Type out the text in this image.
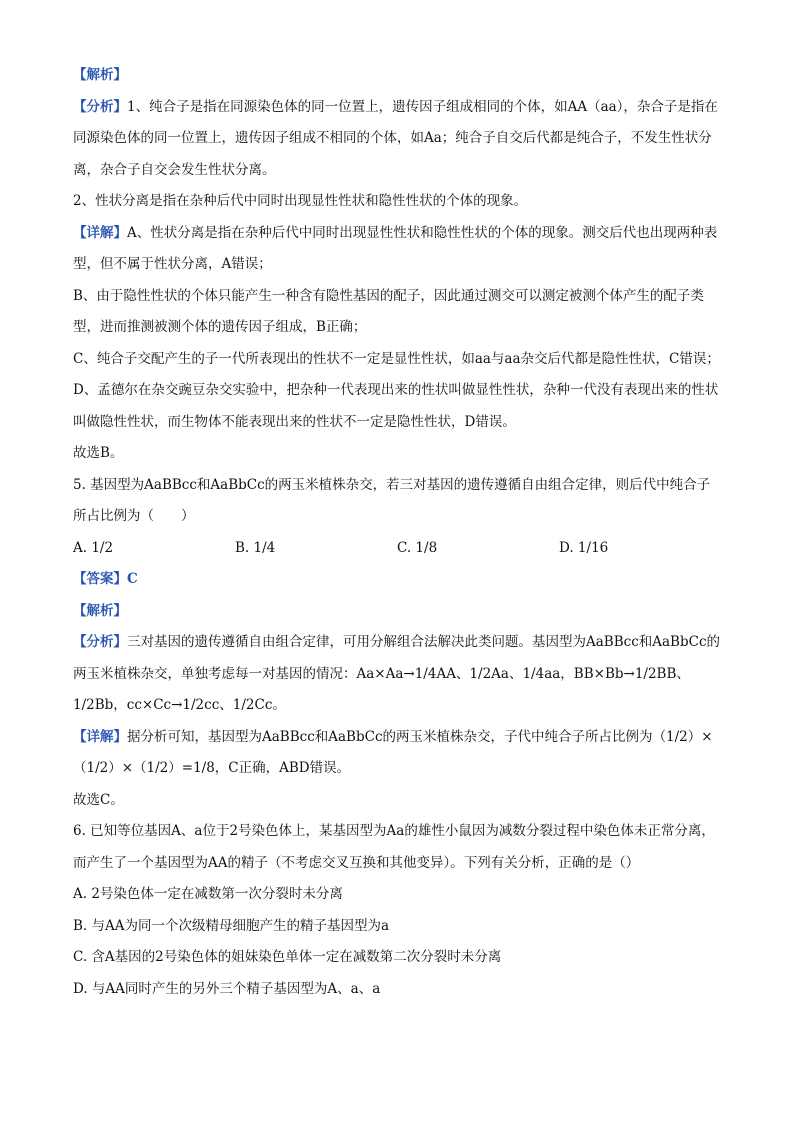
【解析】

【分析】1、纯合子是指在同源染色体的同一位置上，遗传因子组成相同的个体，如AA（aa），杂合子是指在同源染色体的同一位置上，遗传因子组成不相同的个体，如Aa；纯合子自交后代都是纯合子，不发生性状分离，杂合子自交会发生性状分离。

2、性状分离是指在杂种后代中同时出现显性性状和隐性性状的个体的现象。

【详解】A、性状分离是指在杂种后代中同时出现显性性状和隐性性状的个体的现象。测交后代也出现两种表型，但不属于性状分离，A错误；

B、由于隐性性状的个体只能产生一种含有隐性基因的配子，因此通过测交可以测定被测个体产生的配子类型，进而推测被测个体的遗传因子组成，B正确；

C、纯合子交配产生的子一代所表现出的性状不一定是显性性状，如aa与aa杂交后代都是隐性性状，C错误；

D、孟德尔在杂交豌豆杂交实验中，把杂种一代表现出来的性状叫做显性性状，杂种一代没有表现出来的性状叫做隐性性状，而生物体不能表现出来的性状不一定是隐性性状，D错误。

故选B。

5. 基因型为AaBBcc和AaBbCc的两玉米植株杂交，若三对基因的遗传遵循自由组合定律，则后代中纯合子所占比例为（　　）

A. 1/2	B. 1/4	C. 1/8	D. 1/16

【答案】C

【解析】

【分析】三对基因的遗传遵循自由组合定律，可用分解组合法解决此类问题。基因型为AaBBcc和AaBbCc的两玉米植株杂交，单独考虑每一对基因的情况：Aa×Aa→1/4AA、1/2Aa、1/4aa，BB×Bb→1/2BB、1/2Bb，cc×Cc→1/2cc、1/2Cc。

【详解】据分析可知，基因型为AaBBcc和AaBbCc的两玉米植株杂交，子代中纯合子所占比例为（1/2）×（1/2）×（1/2）=1/8，C正确，ABD错误。

故选C。

6. 已知等位基因A、a位于2号染色体上，某基因型为Aa的雄性小鼠因为减数分裂过程中染色体未正常分离，而产生了一个基因型为AA的精子（不考虑交叉互换和其他变异）。下列有关分析，正确的是（）

A. 2号染色体一定在减数第一次分裂时未分离

B. 与AA为同一个次级精母细胞产生的精子基因型为a

C. 含A基因的2号染色体的姐妹染色单体一定在减数第二次分裂时未分离

D. 与AA同时产生的另外三个精子基因型为A、a、a
